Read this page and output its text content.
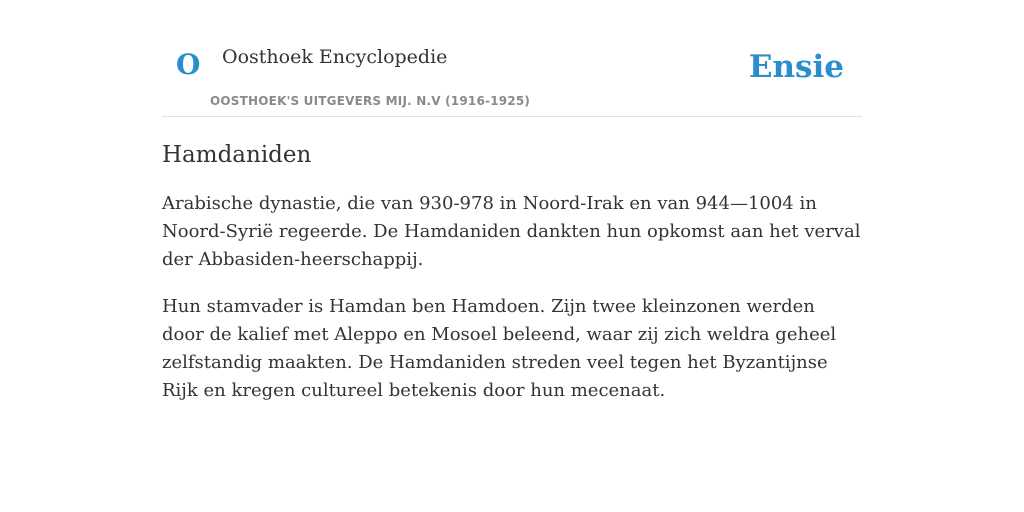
O Oosthoek Encyclopedie
OOSTHOEK'S UITGEVERS MIJ. N.V (1916-1925)
Ensie
Hamdaniden

Arabische dynastie, die van 930-978 in Noord-Irak en van 944—1004 in Noord-Syrië regeerde. De Hamdaniden dankten hun opkomst aan het verval der Abbasiden-heerschappij.

Hun stamvader is Hamdan ben Hamdoen. Zijn twee kleinzonen werden door de kalief met Aleppo en Mosoel beleend, waar zij zich weldra geheel zelfstandig maakten. De Hamdaniden streden veel tegen het Byzantijnse Rijk en kregen cultureel betekenis door hun mecenaat.
